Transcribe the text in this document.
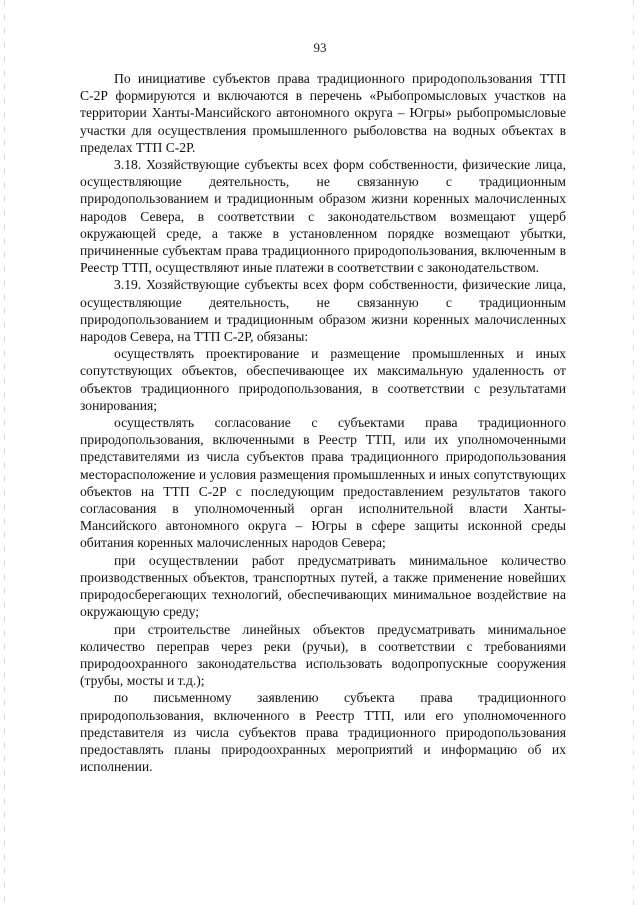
93

По инициативе субъектов права традиционного природопользования ТТП С-2Р формируются и включаются в перечень «Рыбопромысловых участков на территории Ханты-Мансийского автономного округа – Югры» рыбопромысловые участки для осуществления промышленного рыболовства на водных объектах в пределах ТТП С-2Р.

3.18. Хозяйствующие субъекты всех форм собственности, физические лица, осуществляющие деятельность, не связанную с традиционным природопользованием и традиционным образом жизни коренных малочисленных народов Севера, в соответствии с законодательством возмещают ущерб окружающей среде, а также в установленном порядке возмещают убытки, причиненные субъектам права традиционного природопользования, включенным в Реестр ТТП, осуществляют иные платежи в соответствии с законодательством.

3.19. Хозяйствующие субъекты всех форм собственности, физические лица, осуществляющие деятельность, не связанную с традиционным природопользованием и традиционным образом жизни коренных малочисленных народов Севера, на ТТП С-2Р, обязаны:

осуществлять проектирование и размещение промышленных и иных сопутствующих объектов, обеспечивающее их максимальную удаленность от объектов традиционного природопользования, в соответствии с результатами зонирования;

осуществлять согласование с субъектами права традиционного природопользования, включенными в Реестр ТТП, или их уполномоченными представителями из числа субъектов права традиционного природопользования месторасположение и условия размещения промышленных и иных сопутствующих объектов на ТТП С-2Р с последующим предоставлением результатов такого согласования в уполномоченный орган исполнительной власти Ханты-Мансийского автономного округа – Югры в сфере защиты исконной среды обитания коренных малочисленных народов Севера;

при осуществлении работ предусматривать минимальное количество производственных объектов, транспортных путей, а также применение новейших природосберегающих технологий, обеспечивающих минимальное воздействие на окружающую среду;

при строительстве линейных объектов предусматривать минимальное количество переправ через реки (ручьи), в соответствии с требованиями природоохранного законодательства использовать водопропускные сооружения (трубы, мосты и т.д.);

по письменному заявлению субъекта права традиционного природопользования, включенного в Реестр ТТП, или его уполномоченного представителя из числа субъектов права традиционного природопользования предоставлять планы природоохранных мероприятий и информацию об их исполнении.
